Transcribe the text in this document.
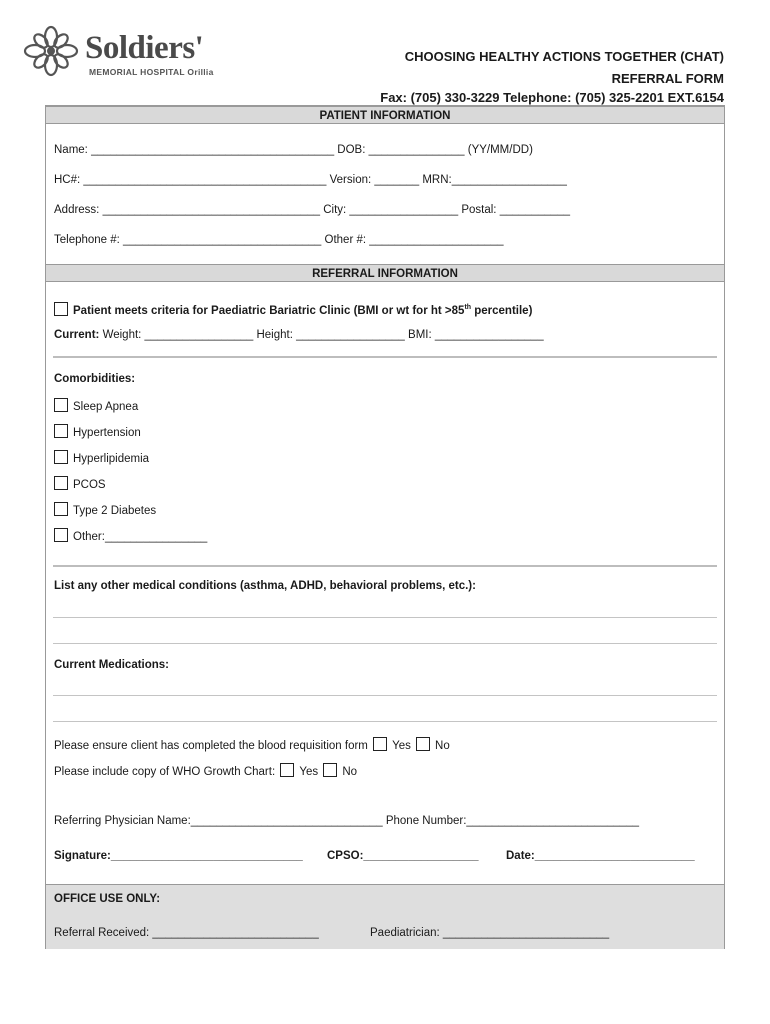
Soldiers'
MEMORIAL HOSPITAL Orillia
CHOOSING HEALTHY ACTIONS TOGETHER (CHAT)
REFERRAL FORM
Fax: (705) 330-3229 Telephone: (705) 325-2201 EXT.6154
PATIENT INFORMATION
Name: ______________________________________ DOB: _______________ (YY/MM/DD)
HC#: ______________________________________ Version: _______ MRN:__________________
Address: __________________________________ City: _________________ Postal: ___________
Telephone #: _______________________________ Other #: _____________________
REFERRAL INFORMATION
Patient meets criteria for Paediatric Bariatric Clinic (BMI or wt for ht >85th percentile)
Current: Weight: _________________ Height: _________________ BMI: _________________
Comorbidities:
Sleep Apnea
Hypertension
Hyperlipidemia
PCOS
Type 2 Diabetes
Other:________________
List any other medical conditions (asthma, ADHD, behavioral problems, etc.):
Current Medications:
Please ensure client has completed the blood requisition form Yes No
Please include copy of WHO Growth Chart: Yes No
Referring Physician Name:______________________________ Phone Number:___________________________
Signature:______________________________ CPSO:__________________ Date:_________________________
OFFICE USE ONLY:
Referral Received: __________________________	Paediatrician: __________________________
